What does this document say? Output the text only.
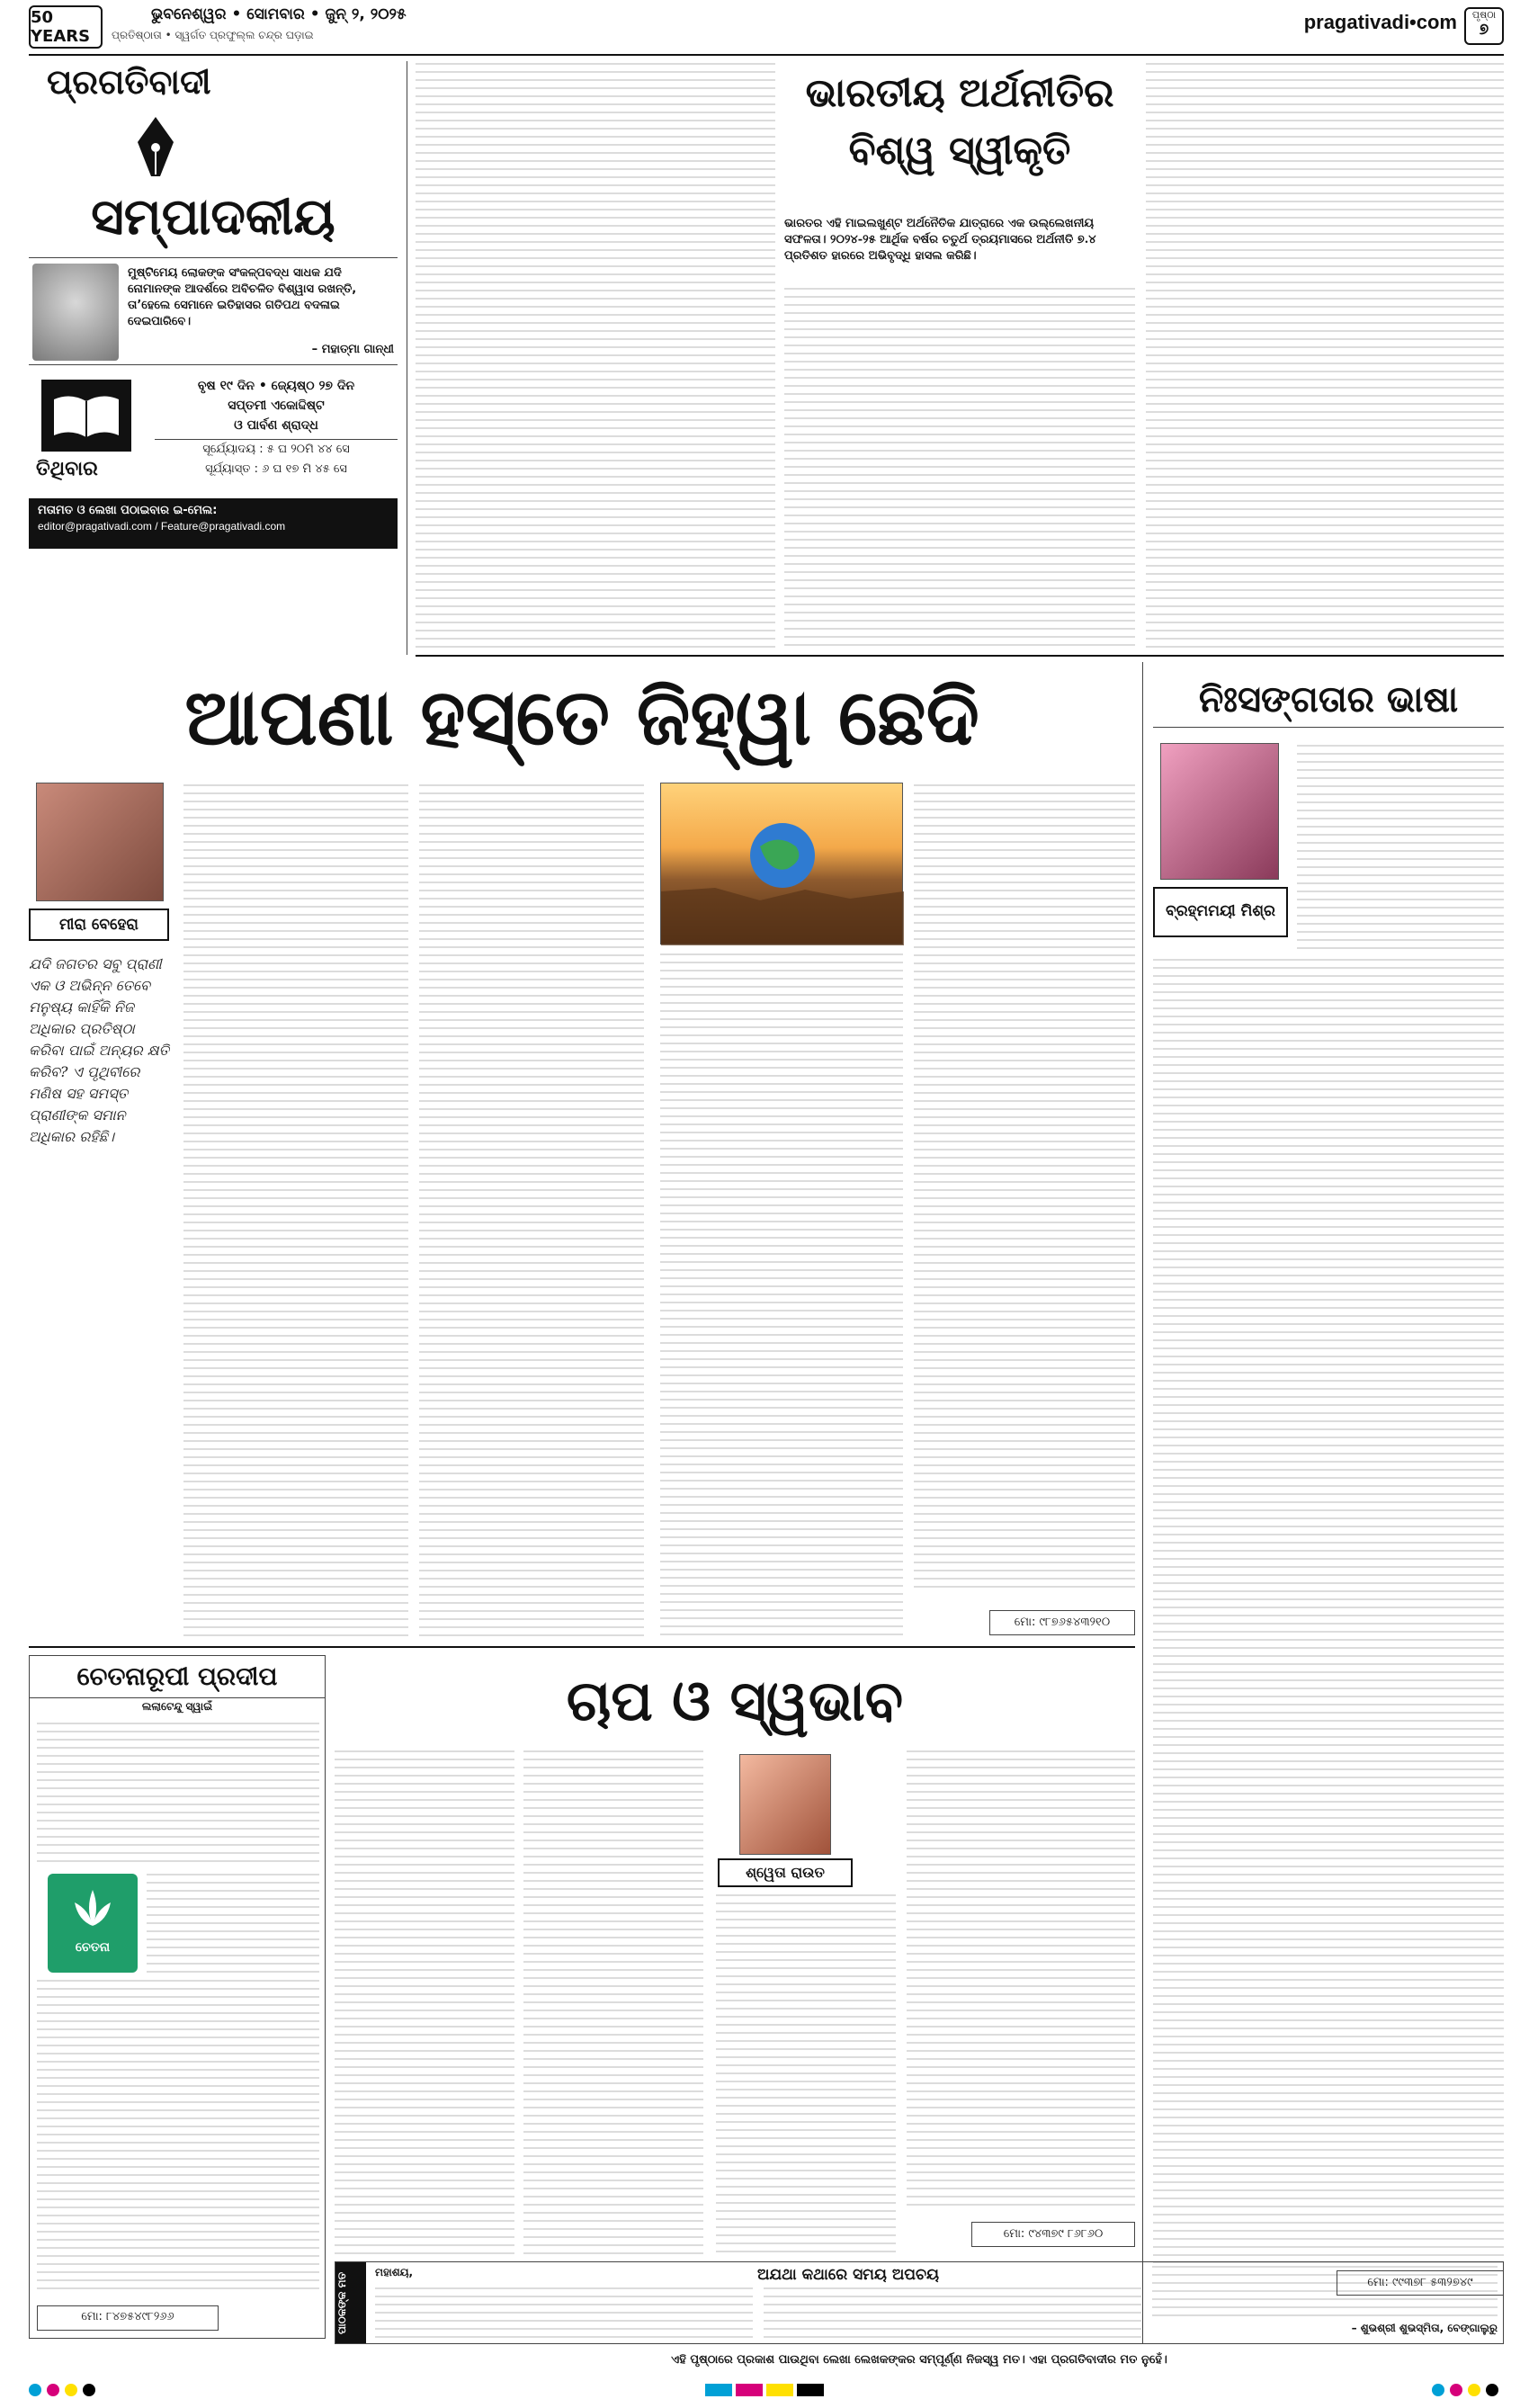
50 YEARS
ଭୁବନେଶ୍ୱର • ସୋମବାର • ଜୁନ୍ ୨, ୨୦୨୫
ପ୍ରତିଷ୍ଠାତା • ସ୍ୱର୍ଗତ ପ୍ରଫୁଲ୍ଲ ଚନ୍ଦ୍ର ଘଡ଼ାଇ
pragativadi•com	ପୃଷ୍ଠା
୭
ପ୍ରଗତିବାଦୀ
ସମ୍ପାଦକୀୟ
ମୁଷ୍ଟିମେୟ ଲୋକଙ୍କ ସଂକଳ୍ପବଦ୍ଧ ସାଧକ ଯଦି ନୋମାନଙ୍କ ଆଦର୍ଶରେ ଅବିଚଳିତ ବିଶ୍ୱାସ ରଖନ୍ତି, ତା’ହେଲେ ସେମାନେ ଇତିହାସର ଗତିପଥ ବଦଳାଇ ଦେଇପାରିବେ।
– ମହାତ୍ମା ଗାନ୍ଧୀ
ତିଥିବାର
ବୃଷ ୧୯ ଦିନ • ଜ୍ୟେଷ୍ଠ ୨୭ ଦିନ
ସପ୍ତମୀ ଏକୋଦ୍ଦିଷ୍ଟ
ଓ ପାର୍ବଣ ଶ୍ରାଦ୍ଧ
ସୂର୍ଯ୍ୟୋଦୟ : ୫ ଘ ୨୦ମି ୪୪ ସେ
ସୂର୍ଯ୍ୟାସ୍ତ : ୬ ଘ ୧୭ ମି ୪୫ ସେ
ମତାମତ ଓ ଲେଖା ପଠାଇବାର ଇ-ମେଲ:
editor@pragativadi.com / Feature@pragativadi.com
ଭାରତୀୟ ଅର୍ଥନୀତିର
ବିଶ୍ୱ ସ୍ୱୀକୃତି
ଭାରତର ଏହି ମାଇଲଖୁଣ୍ଟ ଅର୍ଥନୈତିକ ଯାତ୍ରାରେ ଏକ ଉଲ୍ଲେଖନୀୟ ସଫଳତା। ୨୦୨୪-୨୫ ଆର୍ଥିକ ବର୍ଷର ଚତୁର୍ଥ ତ୍ରୟମାସରେ ଅର୍ଥନୀତି ୭.୪ ପ୍ରତିଶତ ହାରରେ ଅଭିବୃଦ୍ଧି ହାସଲ କରିଛି।
ଆପଣା ହସ୍ତେ ଜିହ୍ୱା ଛେଦି
ମୀରା ବେହେରା
ଯଦି ଜଗତର ସବୁ ପ୍ରାଣୀ ଏକ ଓ ଅଭିନ୍ନ ତେବେ ମନୁଷ୍ୟ କାହିଁକି ନିଜ ଅଧିକାର ପ୍ରତିଷ୍ଠା କରିବା ପାଇଁ ଅନ୍ୟର କ୍ଷତି କରିବ? ଏ ପୃଥିବୀରେ ମଣିଷ ସହ ସମସ୍ତ ପ୍ରାଣୀଙ୍କ ସମାନ ଅଧିକାର ରହିଛି।
ମୋ: ୯୮୭୬୫୪୩୨୧୦
ନିଃସଙ୍ଗତାର ଭାଷା
ବ୍ରହ୍ମମୟୀ ମିଶ୍ର
ମୋ: ୯୯୩୭୮ ୫୩୨୭୪୯
ଚେତନାରୂପୀ ପ୍ରଦୀପ
ଲଲାଟେନ୍ଦୁ ସ୍ୱାଇଁ
ଚେତନା
ମୋ: ୮୪୭୫୪୯୮୨୬୬
ଚାପ ଓ ସ୍ୱଭାବ
ଶ୍ୱେତା ରାଉତ
ମୋ: ୯୪୩୭୯ ୮୬୮୬୦
ପାଠକଙ୍କ ମତ	ମହାଶୟ,	ଅଯଥା କଥାରେ ସମୟ ଅପଚୟ
– ଶୁଭଶ୍ରୀ ଶୁଭସ୍ମିତା, ବେଙ୍ଗାଲୁରୁ
ଏହି ପୃଷ୍ଠାରେ ପ୍ରକାଶ ପାଉଥିବା ଲେଖା ଲେଖକଙ୍କର ସମ୍ପୂର୍ଣ୍ଣ ନିଜସ୍ୱ ମତ। ଏହା ପ୍ରଗତିବାଦୀର ମତ ନୁହେଁ।
